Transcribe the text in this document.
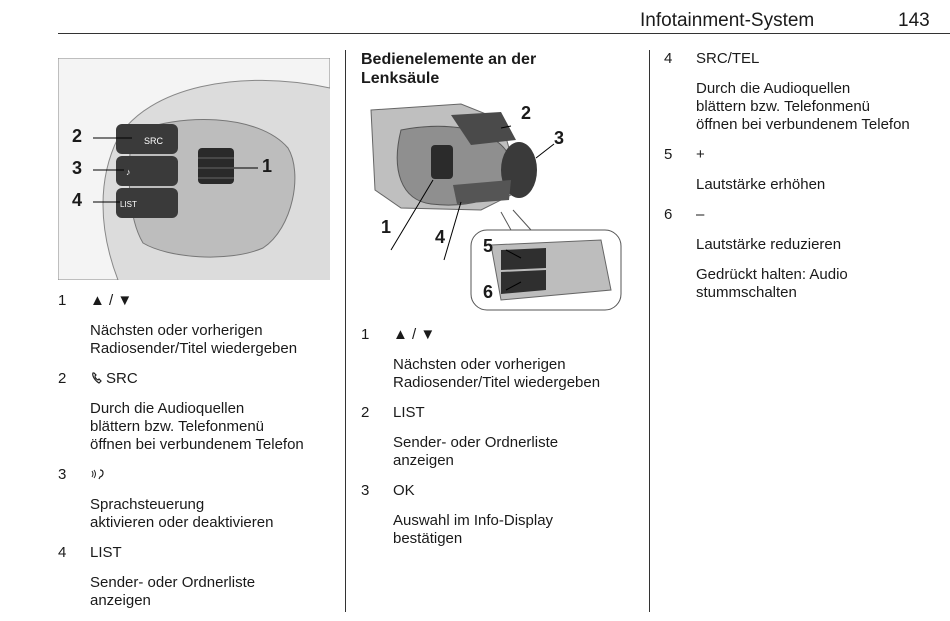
Infotainment-System	143
SRC
♪
LIST
2
3
4
1
1	▲ / ▼
Nächsten oder vorherigen
Radiosender/Titel wiedergeben
2	SRC
Durch die Audioquellen
blättern bzw. Telefonmenü
öffnen bei verbundenem Telefon
3
Sprachsteuerung
aktivieren oder deaktivieren
4	LIST
Sender- oder Ordnerliste
anzeigen
Bedienelemente an der
Lenksäule
2
3
1 4 5
6
1	▲ / ▼
Nächsten oder vorherigen
Radiosender/Titel wiedergeben
2	LIST
Sender- oder Ordnerliste
anzeigen
3	OK
Auswahl im Info-Display
bestätigen
4	SRC/TEL
Durch die Audioquellen
blättern bzw. Telefonmenü
öffnen bei verbundenem Telefon
5	+
Lautstärke erhöhen
6	–
Lautstärke reduzieren
Gedrückt halten: Audio
stummschalten
